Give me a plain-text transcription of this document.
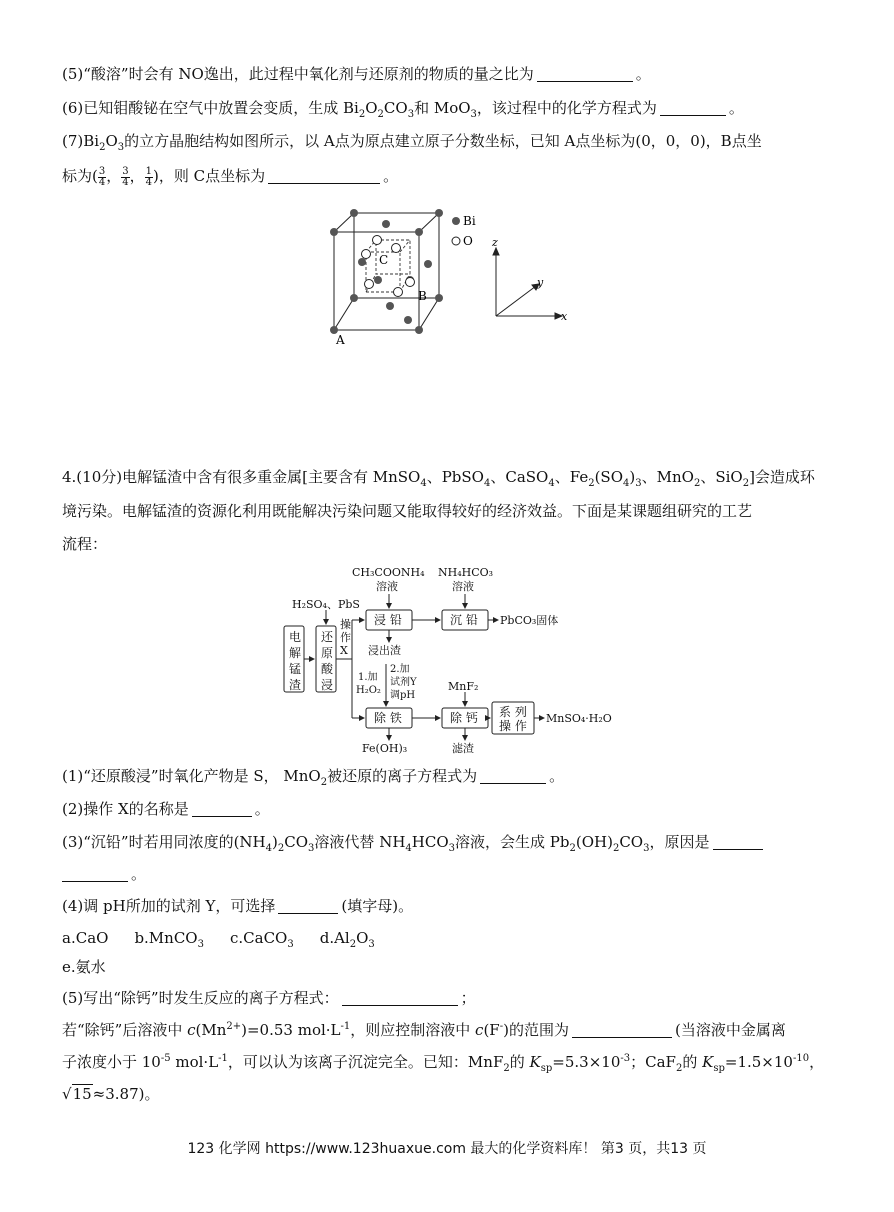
(5)“酸溶”时会有 NO逸出，此过程中氧化剂与还原剂的物质的量之比为	。
(6)已知钼酸铋在空气中放置会变质，生成 $Bi_2O_2CO_3$和 MoO$_3$，该过程中的化学方程式为	。
$(7)Bi_2O_3$的立方晶胞结构如图所示，以 A点为原点建立原子分数坐标，已知 A点坐标为(0，0，0)，B点坐
标为( $\frac{3}{4}$ ， $\frac{3}{4}$ ， $\frac{1}{4}$ )，则 C点坐标为	。
C
B
A
Bi
O z
y
x
4.(10分)电解锰渣中含有很多重金属[主要含有 MnSO$_4$、PbSO$_4$、CaSO$_4$、$Fe_2(SO_4)_3$、MnO$_2$、SiO$_2$]会造成环
境污染。电解锰渣的资源化利用既能解决污染问题又能取得较好的经济效益。下面是某课题组研究的工艺
流程：
电
解
锰
渣
还
原
酸
浸
H₂SO₄、PbS
操
作
X
CH₃COONH₄
溶液
NH₄HCO₃
溶液
浸 铅	沉 铅 PbCO₃固体
浸出渣
1.加
H₂O₂
2.加
试剂Y
调pH
除 铁
Fe(OH)₃
MnF₂
除 钙
滤渣
系 列
操 作
MnSO₄·H₂O
(1)“还原酸浸”时氧化产物是 S， MnO$_2$被还原的离子方程式为	。
(2)操作 X的名称是	。
(3)“沉铅”时若用同浓度的$(NH_4)_2CO_3$溶液代替 $NH_4HCO_3$溶液，会生成 $Pb_2(OH)_2CO_3$，原因是
。
(4)调 pH所加的试剂 Y，可选择	(填字母)。
a.CaO b.MnCO$_3$ c.CaCO$_3$ $d.Al_2O_3$
e.氨水
(5)写出“除钙”时发生反应的离子方程式：	；
若“除钙”后溶液中 $c(Mn^{2+})=0.53$ $mol\cdot L^{-1}$，则应控制溶液中 c(F-)的范围为	(当溶液中金属离
子浓度小于 $10^{-5}$ $mol\cdot L^{-1}$，可以认为该离子沉淀完全。已知：MnF$_2$的 $K_{sp}=5.3\times 10^{-3}$；CaF$_2$的 $K_{sp}=1.5\times 10^{-10}$，
√15≈3.87)。
123 化学网 https://www.123huaxue.com 最大的化学资料库！ 第3 页，共13 页
